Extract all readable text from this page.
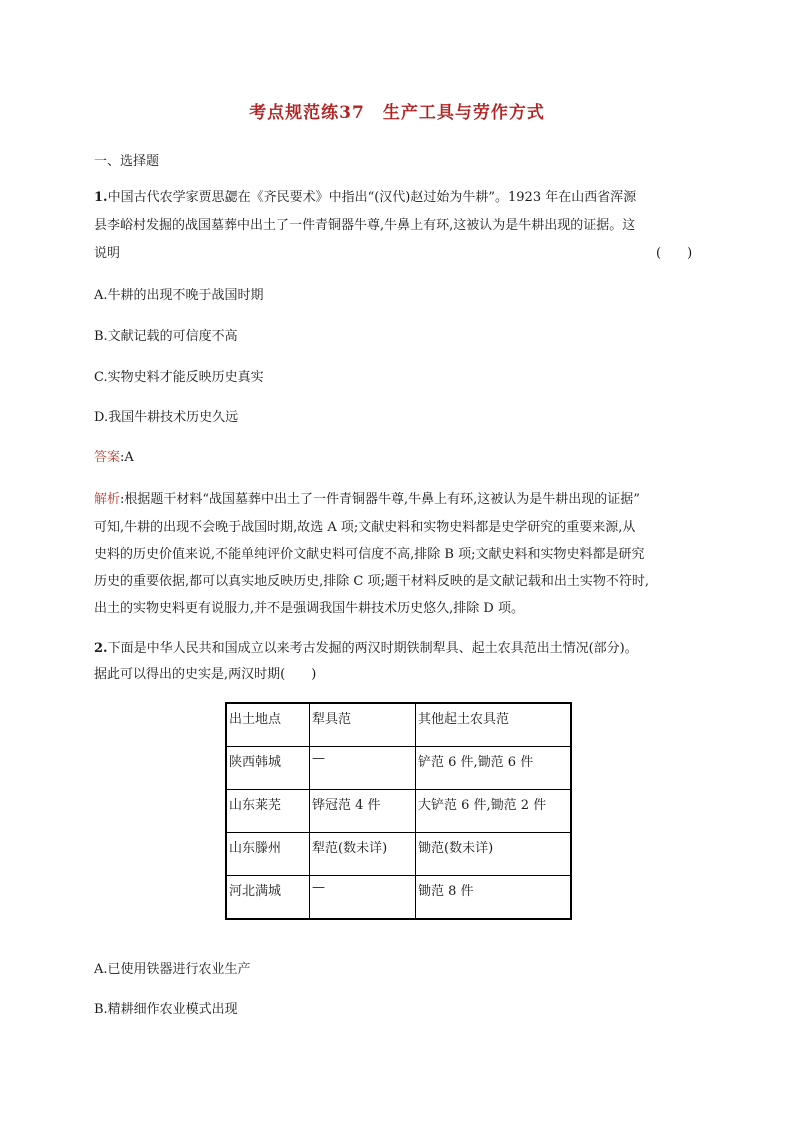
考点规范练37　生产工具与劳作方式
一、选择题
1.中国古代农学家贾思勰在《齐民要术》中指出“(汉代)赵过始为牛耕”。1923 年在山西省浑源
县李峪村发掘的战国墓葬中出土了一件青铜器牛尊,牛鼻上有环,这被认为是牛耕出现的证据。这
说明	(　　)
A.牛耕的出现不晚于战国时期
B.文献记载的可信度不高
C.实物史料才能反映历史真实
D.我国牛耕技术历史久远
答案:A
解析:根据题干材料“战国墓葬中出土了一件青铜器牛尊,牛鼻上有环,这被认为是牛耕出现的证据”
可知,牛耕的出现不会晚于战国时期,故选 A 项;文献史料和实物史料都是史学研究的重要来源,从
史料的历史价值来说,不能单纯评价文献史料可信度不高,排除 B 项;文献史料和实物史料都是研究
历史的重要依据,都可以真实地反映历史,排除 C 项;题干材料反映的是文献记载和出土实物不符时,
出土的实物史料更有说服力,并不是强调我国牛耕技术历史悠久,排除 D 项。
2.下面是中华人民共和国成立以来考古发掘的两汉时期铁制犁具、起土农具范出土情况(部分)。
据此可以得出的史实是,两汉时期(　　)
出土地点	犁具范	其他起土农具范
陕西韩城	—	铲范 6 件,锄范 6 件
山东莱芜	铧冠范 4 件	大铲范 6 件,锄范 2 件
山东滕州	犁范(数未详)	锄范(数未详)
河北满城	—	锄范 8 件
A.已使用铁器进行农业生产
B.精耕细作农业模式出现
